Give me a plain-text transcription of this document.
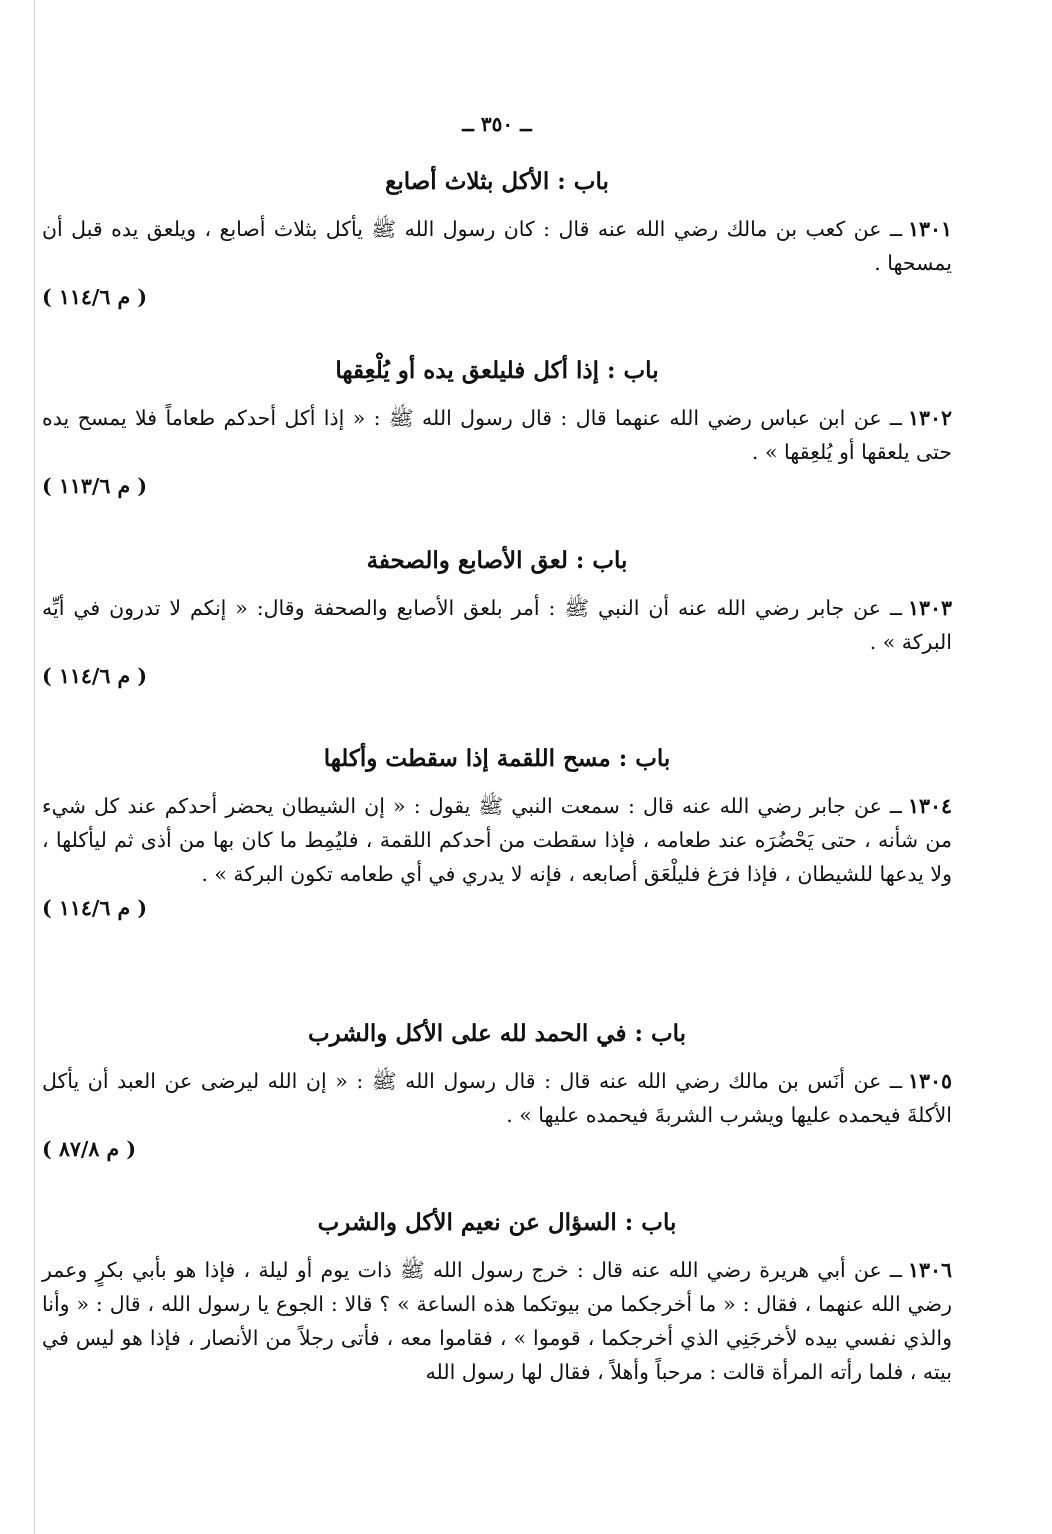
ــ ٣٥٠ ــ
باب : الأكل بثلاث أصابع

١٣٠١ــ عن كعب بن مالك رضي الله عنه قال : كان رسول الله ﷺ يأكل بثلاث أصابع ، ويلعق يده قبل أن يمسحها .
( م ١١٤/٦ )

باب : إذا أكل فليلعق يده أو يُلْعِقها

١٣٠٢ــ عن ابن عباس رضي الله عنهما قال : قال رسول الله ﷺ : « إذا أكل أحدكم طعاماً فلا يمسح يده حتى يلعقها أو يُلعِقها » .
( م ١١٣/٦ )

باب : لعق الأصابع والصحفة

١٣٠٣ــ عن جابر رضي الله عنه أن النبي ﷺ : أمر بلعق الأصابع والصحفة وقال: « إنكم لا تدرون في أيِّه البركة » .
( م ١١٤/٦ )

باب : مسح اللقمة إذا سقطت وأكلها

١٣٠٤ــ عن جابر رضي الله عنه قال : سمعت النبي ﷺ يقول : « إن الشيطان يحضر أحدكم عند كل شيء من شأنه ، حتى يَحْضُرَه عند طعامه ، فإذا سقطت من أحدكم اللقمة ، فليُمِط ما كان بها من أذى ثم ليأكلها ، ولا يدعها للشيطان ، فإذا فرَغ فليلْعَق أصابعه ، فإنه لا يدري في أي طعامه تكون البركة » .
( م ١١٤/٦ )

باب : في الحمد لله على الأكل والشرب

١٣٠٥ــ عن أنَس بن مالك رضي الله عنه قال : قال رسول الله ﷺ : « إن الله ليرضى عن العبد أن يأكل الأكلةَ فيحمده عليها ويشرب الشربةَ فيحمده عليها » .
( م ٨٧/٨ )

باب : السؤال عن نعيم الأكل والشرب

١٣٠٦ــ عن أبي هريرة رضي الله عنه قال : خرج رسول الله ﷺ ذات يوم أو ليلة ، فإذا هو بأبي بكرٍ وعمر رضي الله عنهما ، فقال : « ما أخرجكما من بيوتكما هذه الساعة » ؟ قالا : الجوع يا رسول الله ، قال : « وأنا والذي نفسي بيده لأخرجَنِي الذي أخرجكما ، قوموا » ، فقاموا معه ، فأتى رجلاً من الأنصار ، فإذا هو ليس في بيته ، فلما رأته المرأة قالت : مرحباً وأهلاً ، فقال لها رسول الله
